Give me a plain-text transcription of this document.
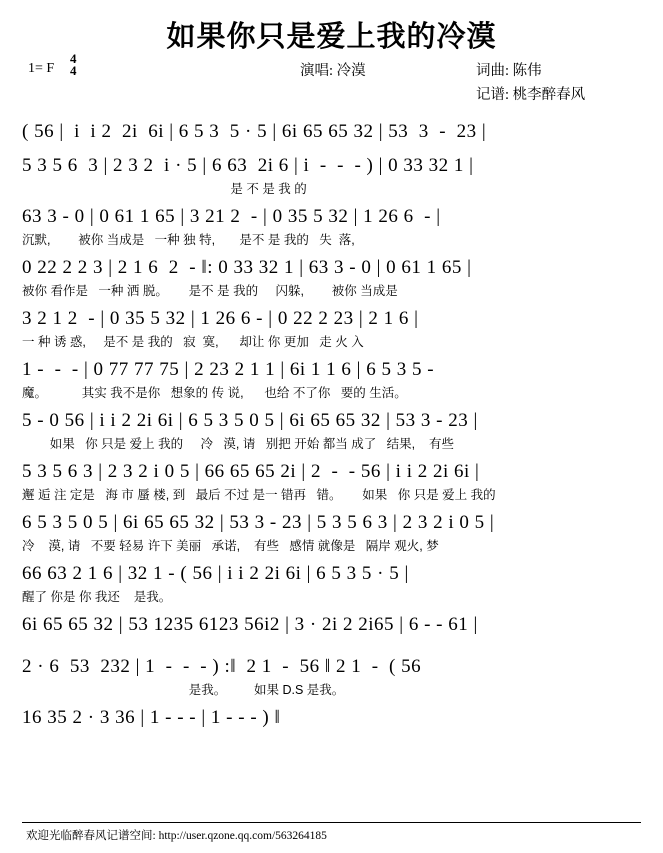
如果你只是爱上我的冷漠
1= F
4
4	演唱: 冷漠	词曲: 陈伟
记谱: 桃李醉春风
( 56 |  i  i 2  2i  6i | 6 5 3  5 · 5 | 6i 65 65 32 | 53  3  -  23 |
5 3 5 6  3 | 2 3 2  i · 5 | 6 63  2i 6 | i  -  -  - ) | 0 33 32 1 |
是 不 是 我 的
63 3 - 0 | 0 61 1 65 | 3 21 2  - | 0 35 5 32 | 1 26 6  - |
沉默,        被你 当成是   一种 独 特,       是不 是 我的   失  落,
0 22 2 2 3 | 2 1 6  2  - ‖: 0 33 32 1 | 63 3 - 0 | 0 61 1 65 |
被你 看作是   一种 洒 脱。      是不 是 我的     闪躲,        被你 当成是
3 2 1 2  - | 0 35 5 32 | 1 26 6 - | 0 22 2 23 | 2 1 6 |
一 种 诱 惑,     是不 是 我的   寂  寞,      却让 你 更加   走 火 入
1 -  -  - | 0 77 77 75 | 2 23 2 1 1 | 6i 1 1 6 | 6 5 3 5 -
魔。          其实 我不是你   想象的 传 说,      也给 不了你   要的 生活。
5 - 0 56 | i i 2 2i 6i | 6 5 3 5 0 5 | 6i 65 65 32 | 53 3 - 23 |
如果   你 只是 爱上 我的     冷   漠, 请   别把 开始 都当 成了   结果,    有些
5 3 5 6 3 | 2 3 2 i 0 5 | 66 65 65 2i | 2  -  - 56 | i i 2 2i 6i |
邂 逅 注 定是   海 市 蜃 楼, 到   最后 不过 是一 错再   错。      如果   你 只是 爱上 我的
6 5 3 5 0 5 | 6i 65 65 32 | 53 3 - 23 | 5 3 5 6 3 | 2 3 2 i 0 5 |
冷    漠, 请   不要 轻易 许下 美丽   承诺,    有些   感情 就像是   隔岸 观火, 梦
66 63 2 1 6 | 32 1 - ( 56 | i i 2 2i 6i | 6 5 3 5 · 5 |
醒了 你是 你 我还    是我。
6i 65 65 32 | 53 1235 6123 56i2 | 3 · 2i 2 2i65 | 6 - - 61 |
2 · 6  53  232 | 1  -  -  - ) :‖  2 1  -  56 ‖ 2 1  -  ( 56
是我。        如果 D.S 是我。
16 35 2 · 3 36 | 1 - - - | 1 - - - ) ‖
欢迎光临醉春风记谱空间: http://user.qzone.qq.com/563264185
